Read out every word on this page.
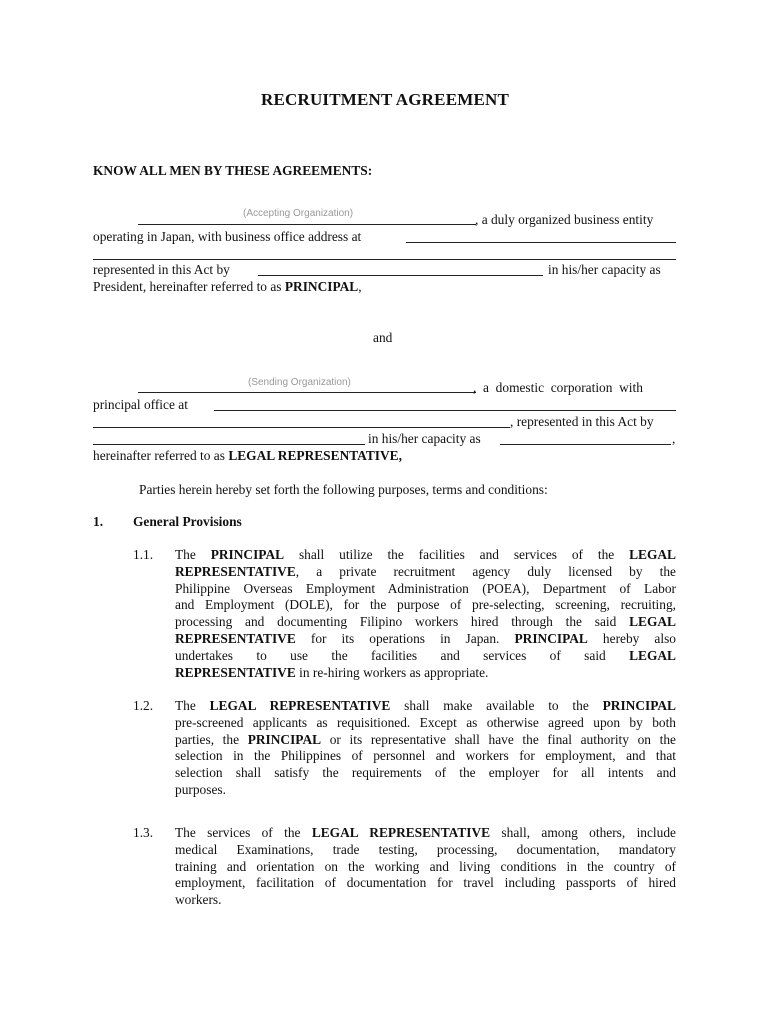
RECRUITMENT AGREEMENT
KNOW ALL MEN BY THESE AGREEMENTS:
(Accepting Organization)	, a duly organized business entity
operating in Japan, with business office address at
represented in this Act by	in his/her capacity as
President, hereinafter referred to as PRINCIPAL,
and
(Sending Organization)	,  a  domestic  corporation  with
principal office at
, represented in this Act by
in his/her capacity as	,
hereinafter referred to as LEGAL REPRESENTATIVE,
Parties herein hereby set forth the following purposes, terms and conditions:
1. General Provisions
1.1. The PRINCIPAL shall utilize the facilities and services of the LEGAL
REPRESENTATIVE, a private recruitment agency duly licensed by the
Philippine Overseas Employment Administration (POEA), Department of Labor
and Employment (DOLE), for the purpose of pre-selecting, screening, recruiting,
processing and documenting Filipino workers hired through the said LEGAL
REPRESENTATIVE for its operations in Japan. PRINCIPAL hereby also
undertakes  to  use  the  facilities  and  services  of  said  LEGAL
REPRESENTATIVE in re-hiring workers as appropriate.
1.2. The LEGAL REPRESENTATIVE shall make available to the PRINCIPAL
pre-screened applicants as requisitioned. Except as otherwise agreed upon by both
parties, the PRINCIPAL or its representative shall have the final authority on the
selection in the Philippines of personnel and workers for employment, and that
selection shall satisfy the requirements of the employer for all intents and
purposes.
1.3. The services of the LEGAL REPRESENTATIVE shall, among others, include
medical Examinations, trade testing, processing, documentation, mandatory
training and orientation on the working and living conditions in the country of
employment, facilitation of documentation for travel including passports of hired
workers.
